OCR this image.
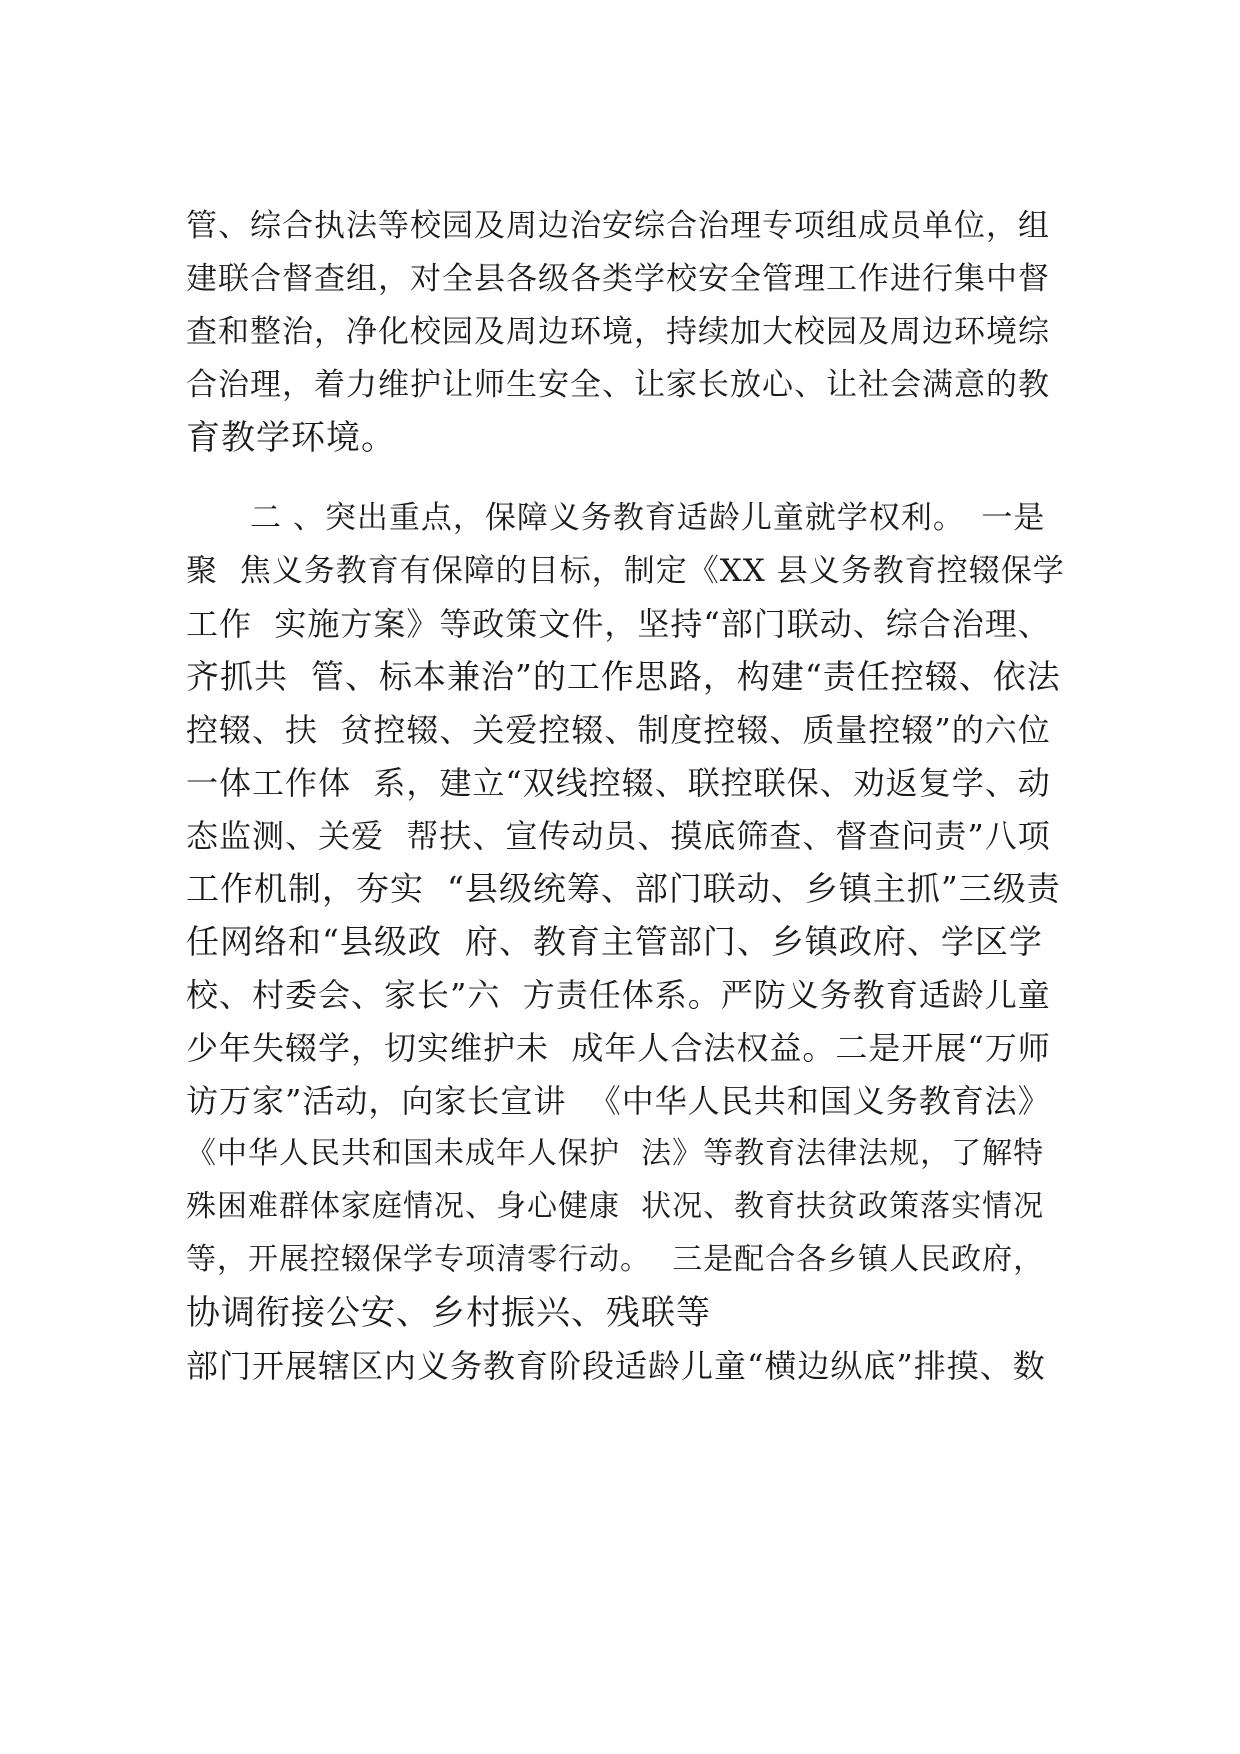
管、综合执法等校园及周边治安综合治理专项组成员单位，组
建联合督查组，对全县各级各类学校安全管理工作进行集中督
查和整治，净化校园及周边环境，持续加大校园及周边环境综
合治理，着力维护让师生安全、让家长放心、让社会满意的教
育教学环境。
　　二 、突出重点，保障义务教育适龄儿童就学权利。　一是
聚  焦义务教育有保障的目标，制定《XX 县义务教育控辍保学
工作  实施方案》等政策文件，坚持“部门联动、综合治理、
齐抓共  管、标本兼治”的工作思路，构建“责任控辍、依法
控辍、扶  贫控辍、关爱控辍、制度控辍、质量控辍”的六位
一体工作体  系，建立“双线控辍、联控联保、劝返复学、动
态监测、关爱  帮扶、宣传动员、摸底筛查、督查问责”八项
工作机制，夯实  “县级统筹、部门联动、乡镇主抓”三级责
任网络和“县级政  府、教育主管部门、乡镇政府、学区学
校、村委会、家长”六  方责任体系。严防义务教育适龄儿童
少年失辍学，切实维护未  成年人合法权益。二是开展“万师
访万家”活动，向家长宣讲  《中华人民共和国义务教育法》
《中华人民共和国未成年人保护  法》等教育法律法规，了解特
殊困难群体家庭情况、身心健康  状况、教育扶贫政策落实情况
等，开展控辍保学专项清零行动。  三是配合各乡镇人民政府，
协调衔接公安、乡村振兴、残联等
部门开展辖区内义务教育阶段适龄儿童“横边纵底”排摸、数
